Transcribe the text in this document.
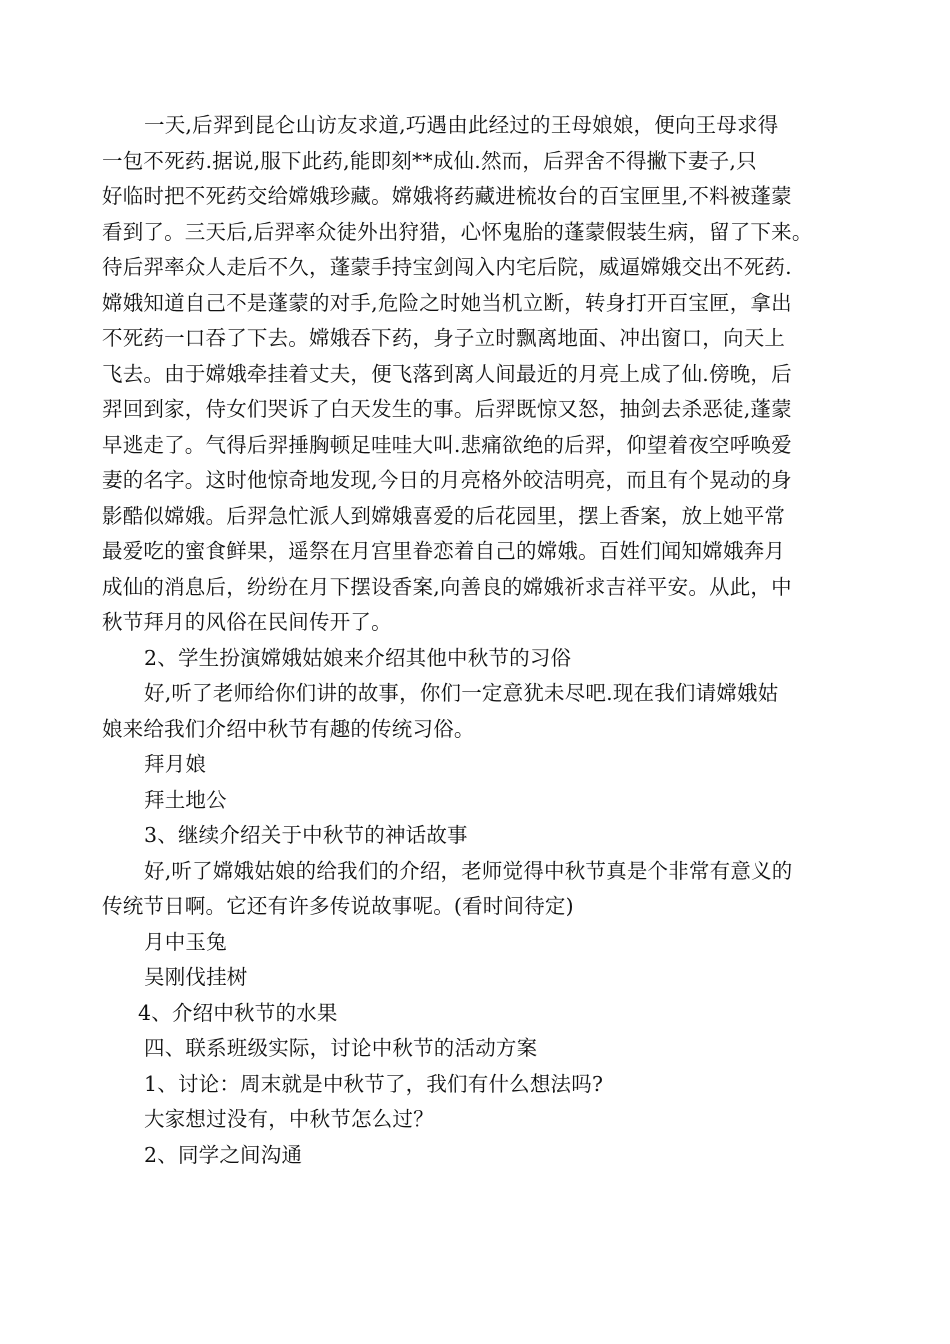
一天,后羿到昆仑山访友求道,巧遇由此经过的王母娘娘，便向王母求得
一包不死药.据说,服下此药,能即刻**成仙.然而，后羿舍不得撇下妻子,只
好临时把不死药交给嫦娥珍藏。嫦娥将药藏进梳妆台的百宝匣里,不料被蓬蒙
看到了。三天后,后羿率众徒外出狩猎，心怀鬼胎的蓬蒙假装生病，留了下来。
待后羿率众人走后不久，蓬蒙手持宝剑闯入内宅后院，威逼嫦娥交出不死药.
嫦娥知道自己不是蓬蒙的对手,危险之时她当机立断，转身打开百宝匣，拿出
不死药一口吞了下去。嫦娥吞下药，身子立时飘离地面、冲出窗口，向天上
飞去。由于嫦娥牵挂着丈夫，便飞落到离人间最近的月亮上成了仙.傍晚，后
羿回到家，侍女们哭诉了白天发生的事。后羿既惊又怒，抽剑去杀恶徒,蓬蒙
早逃走了。气得后羿捶胸顿足哇哇大叫.悲痛欲绝的后羿，仰望着夜空呼唤爱
妻的名字。这时他惊奇地发现,今日的月亮格外皎洁明亮，而且有个晃动的身
影酷似嫦娥。后羿急忙派人到嫦娥喜爱的后花园里，摆上香案，放上她平常
最爱吃的蜜食鲜果，遥祭在月宫里眷恋着自己的嫦娥。百姓们闻知嫦娥奔月
成仙的消息后，纷纷在月下摆设香案,向善良的嫦娥祈求吉祥平安。从此，中
秋节拜月的风俗在民间传开了。
2、学生扮演嫦娥姑娘来介绍其他中秋节的习俗
好,听了老师给你们讲的故事，你们一定意犹未尽吧.现在我们请嫦娥姑
娘来给我们介绍中秋节有趣的传统习俗。
拜月娘
拜土地公
3、继续介绍关于中秋节的神话故事
好,听了嫦娥姑娘的给我们的介绍，老师觉得中秋节真是个非常有意义的
传统节日啊。它还有许多传说故事呢。(看时间待定)
月中玉兔
吴刚伐挂树
4、介绍中秋节的水果
四、联系班级实际，讨论中秋节的活动方案
1、讨论：周末就是中秋节了，我们有什么想法吗?
大家想过没有，中秋节怎么过？
2、同学之间沟通
